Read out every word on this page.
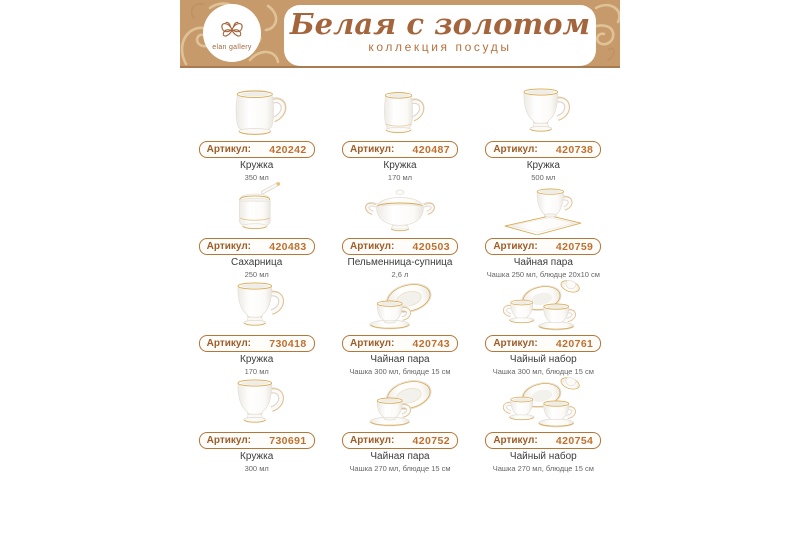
elan gallery
Белая с золотом
коллекция посуды
Артикул: 420242
Кружка
350 мл
Артикул: 420487
Кружка
170 мл
Артикул: 420738
Кружка
500 мл
Артикул: 420483
Сахарница
250 мл
Артикул: 420503
Пельменница-супница
2,6 л
Артикул: 420759
Чайная пара
Чашка 250 мл, блюдце 20х10 см
Артикул: 730418
Кружка
170 мл
Артикул: 420743
Чайная пара
Чашка 300 мл, блюдце 15 см
Артикул: 420761
Чайный набор
Чашка 300 мл, блюдце 15 см
Артикул: 730691
Кружка
300 мл
Артикул: 420752
Чайная пара
Чашка 270 мл, блюдце 15 см
Артикул: 420754
Чайный набор
Чашка 270 мл, блюдце 15 см
